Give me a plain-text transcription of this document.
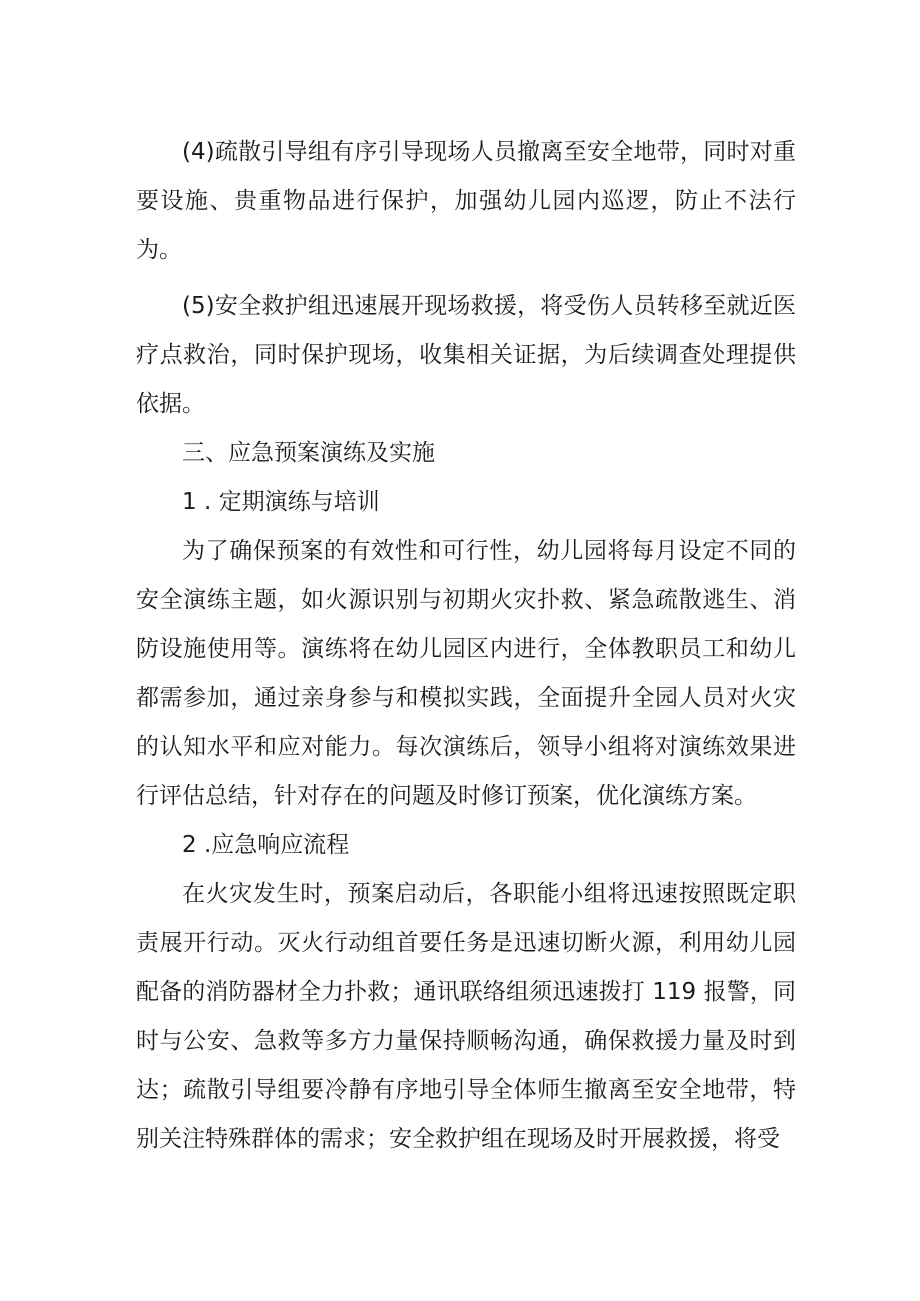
(4)疏散引导组有序引导现场人员撤离至安全地带，同时对重要设施、贵重物品进行保护，加强幼儿园内巡逻，防止不法行为。

(5)安全救护组迅速展开现场救援，将受伤人员转移至就近医疗点救治，同时保护现场，收集相关证据，为后续调查处理提供依据。

三、应急预案演练及实施

1 . 定期演练与培训

为了确保预案的有效性和可行性，幼儿园将每月设定不同的安全演练主题，如火源识别与初期火灾扑救、紧急疏散逃生、消防设施使用等。演练将在幼儿园区内进行，全体教职员工和幼儿都需参加，通过亲身参与和模拟实践，全面提升全园人员对火灾的认知水平和应对能力。每次演练后，领导小组将对演练效果进行评估总结，针对存在的问题及时修订预案，优化演练方案。

2 .应急响应流程

在火灾发生时，预案启动后，各职能小组将迅速按照既定职责展开行动。灭火行动组首要任务是迅速切断火源，利用幼儿园配备的消防器材全力扑救；通讯联络组须迅速拨打 119 报警，同时与公安、急救等多方力量保持顺畅沟通，确保救援力量及时到达；疏散引导组要冷静有序地引导全体师生撤离至安全地带，特别关注特殊群体的需求；安全救护组在现场及时开展救援，将受
